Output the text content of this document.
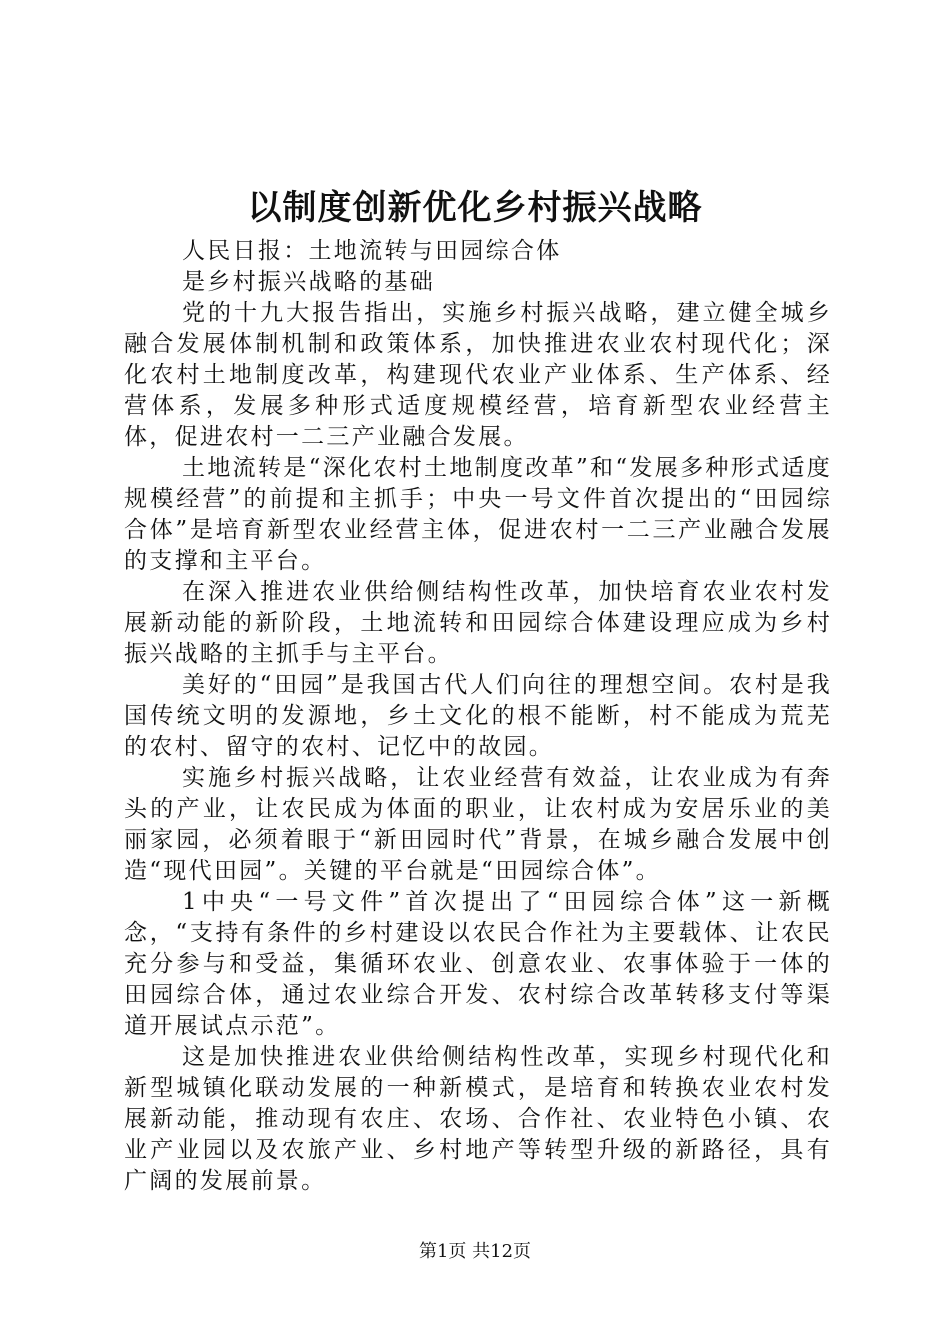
以制度创新优化乡村振兴战略

人民日报：土地流转与田园综合体

是乡村振兴战略的基础

党的十九大报告指出，实施乡村振兴战略，建立健全城乡融合发展体制机制和政策体系，加快推进农业农村现代化；深化农村土地制度改革，构建现代农业产业体系、生产体系、经营体系，发展多种形式适度规模经营，培育新型农业经营主体，促进农村一二三产业融合发展。

土地流转是“深化农村土地制度改革”和“发展多种形式适度规模经营”的前提和主抓手；中央一号文件首次提出的“田园综合体”是培育新型农业经营主体，促进农村一二三产业融合发展的支撑和主平台。

在深入推进农业供给侧结构性改革，加快培育农业农村发展新动能的新阶段，土地流转和田园综合体建设理应成为乡村振兴战略的主抓手与主平台。

美好的“田园”是我国古代人们向往的理想空间。农村是我国传统文明的发源地，乡土文化的根不能断，村不能成为荒芜的农村、留守的农村、记忆中的故园。

实施乡村振兴战略，让农业经营有效益，让农业成为有奔头的产业，让农民成为体面的职业，让农村成为安居乐业的美丽家园，必须着眼于“新田园时代”背景，在城乡融合发展中创造“现代田园”。关键的平台就是“田园综合体”。

1中央“一号文件”首次提出了“田园综合体”这一新概念，“支持有条件的乡村建设以农民合作社为主要载体、让农民充分参与和受益，集循环农业、创意农业、农事体验于一体的田园综合体，通过农业综合开发、农村综合改革转移支付等渠道开展试点示范”。

这是加快推进农业供给侧结构性改革，实现乡村现代化和新型城镇化联动发展的一种新模式，是培育和转换农业农村发展新动能，推动现有农庄、农场、合作社、农业特色小镇、农业产业园以及农旅产业、乡村地产等转型升级的新路径，具有广阔的发展前景。

第1页 共12页
